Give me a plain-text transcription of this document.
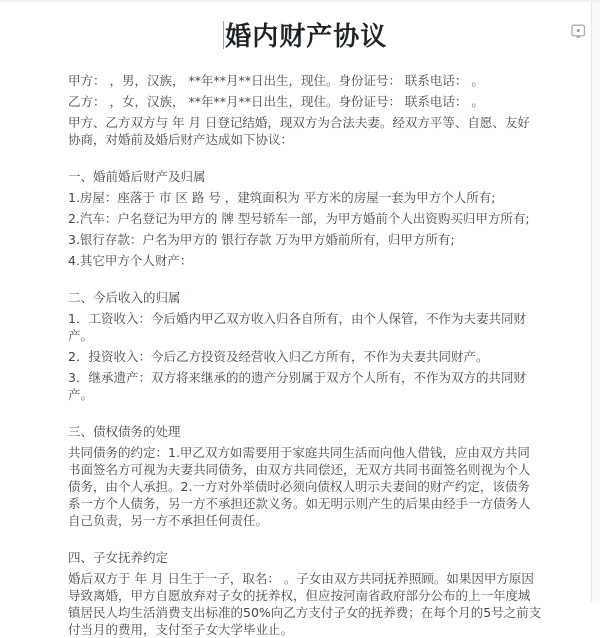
婚内财产协议

甲方： ，男，汉族， **年**月**日出生，现住。身份证号： 联系电话： 。

乙方： ，女，汉族， **年**月**日出生，现住。身份证号： 联系电话： 。

甲方、乙方双方与 年 月 日登记结婚，现双方为合法夫妻。经双方平等、自愿、友好协商，对婚前及婚后财产达成如下协议：

一、婚前婚后财产及归属

1.房屋：座落于 市 区 路 号 ，建筑面积为 平方米的房屋一套为甲方个人所有;

2.汽车：户名登记为甲方的 牌 型号轿车一部，为甲方婚前个人出资购买归甲方所有;

3.银行存款：户名为甲方的 银行存款 万为甲方婚前所有，归甲方所有;

4.其它甲方个人财产：

二、今后收入的归属

1．工资收入：今后婚内甲乙双方收入归各自所有，由个人保管，不作为夫妻共同财产。

2．投资收入：今后乙方投资及经营收入归乙方所有，不作为夫妻共同财产。

3．继承遗产：双方将来继承的的遗产分别属于双方个人所有，不作为双方的共同财产。

三、债权债务的处理

共同债务的约定：1.甲乙双方如需要用于家庭共同生活而向他人借钱，应由双方共同书面签名方可视为夫妻共同债务，由双方共同偿还，无双方共同书面签名则视为个人债务，由个人承担。2.一方对外举债时必须向债权人明示夫妻间的财产约定，该债务系一方个人债务，另一方不承担还款义务。如无明示则产生的后果由经手一方债务人自己负责，另一方不承担任何责任。

四、子女抚养约定

婚后双方于 年 月 日生于一子，取名： 。子女由双方共同抚养照顾。如果因甲方原因导致离婚，甲方自愿放弃对子女的抚养权，但应按河南省政府部分公布的上一年度城镇居民人均生活消费支出标准的50%向乙方支付子女的抚养费；在每个月的5号之前支付当月的费用，支付至子女大学毕业止。
